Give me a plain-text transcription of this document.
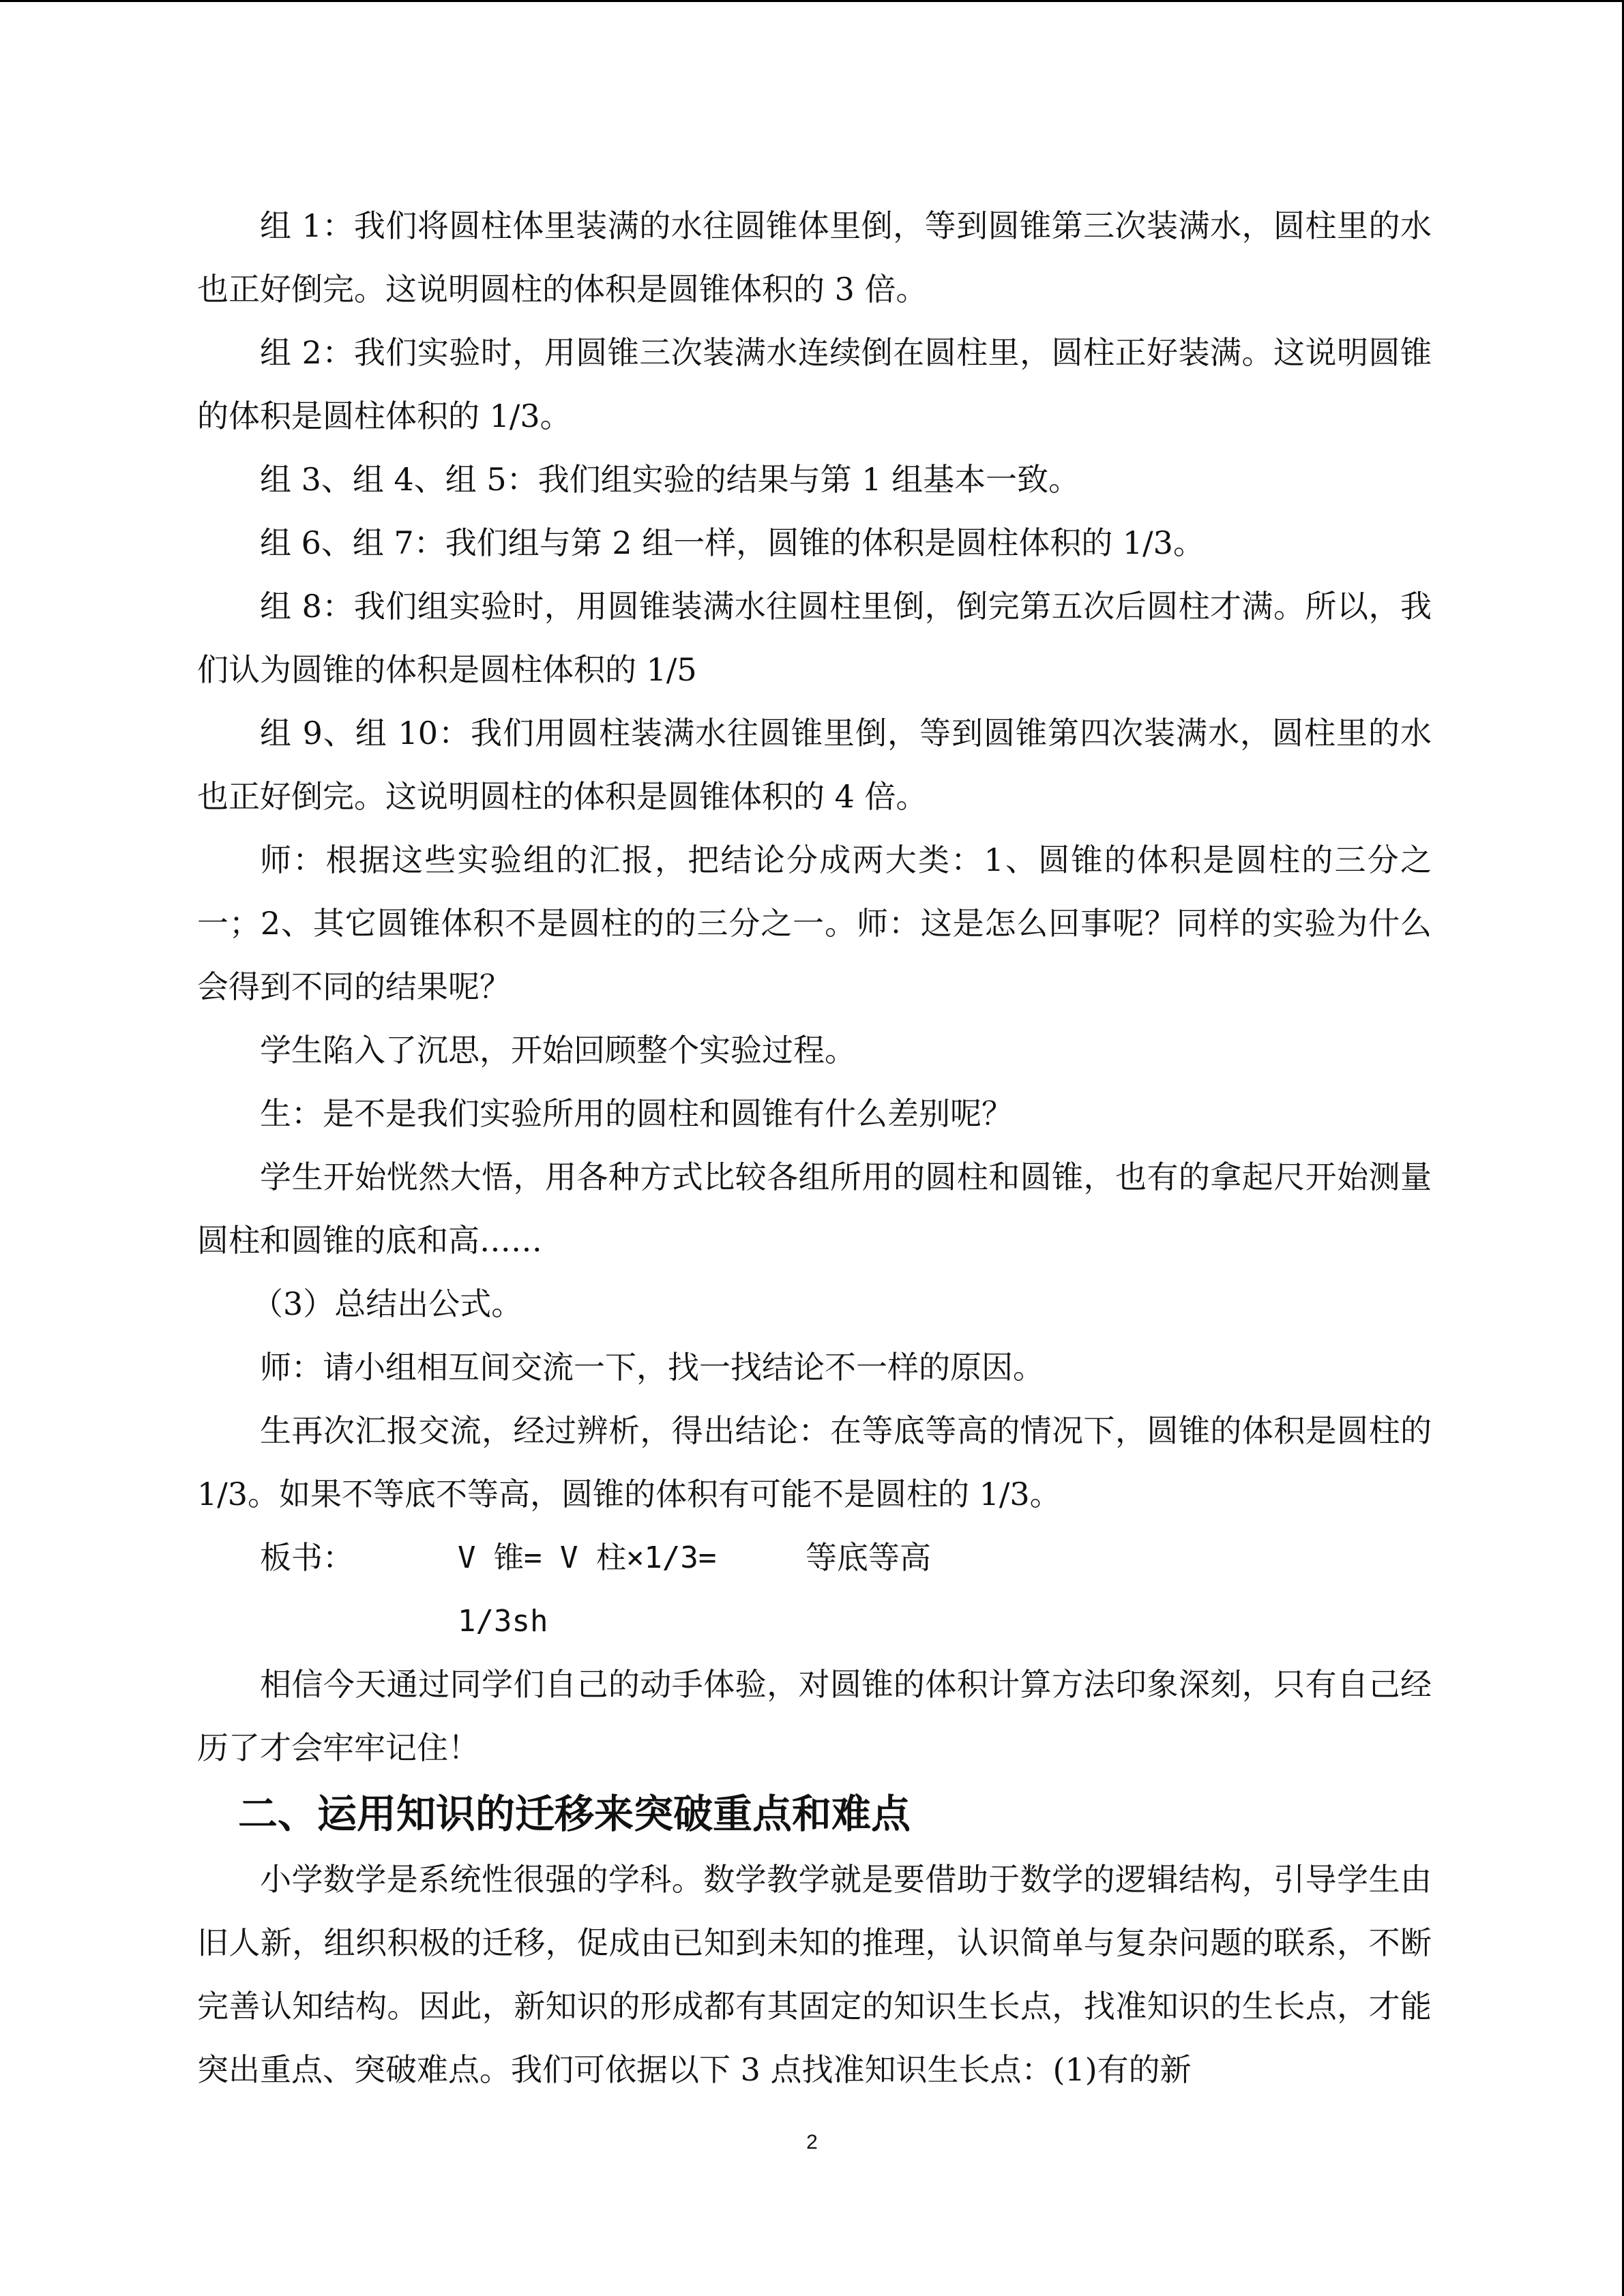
组 1：我们将圆柱体里装满的水往圆锥体里倒，等到圆锥第三次装满水，圆柱里的水也正好倒完。这说明圆柱的体积是圆锥体积的 3 倍。

组 2：我们实验时，用圆锥三次装满水连续倒在圆柱里，圆柱正好装满。这说明圆锥的体积是圆柱体积的 1/3。

组 3、组 4、组 5：我们组实验的结果与第 1 组基本一致。

组 6、组 7：我们组与第 2 组一样，圆锥的体积是圆柱体积的 1/3。

组 8：我们组实验时，用圆锥装满水往圆柱里倒，倒完第五次后圆柱才满。所以，我们认为圆锥的体积是圆柱体积的 1/5

组 9、组 10：我们用圆柱装满水往圆锥里倒，等到圆锥第四次装满水，圆柱里的水也正好倒完。这说明圆柱的体积是圆锥体积的 4 倍。

师：根据这些实验组的汇报，把结论分成两大类：1、圆锥的体积是圆柱的三分之一；2、其它圆锥体积不是圆柱的的三分之一。师：这是怎么回事呢？同样的实验为什么会得到不同的结果呢？

学生陷入了沉思，开始回顾整个实验过程。

生：是不是我们实验所用的圆柱和圆锥有什么差别呢？

学生开始恍然大悟，用各种方式比较各组所用的圆柱和圆锥，也有的拿起尺开始测量圆柱和圆锥的底和高……

（3）总结出公式。

师：请小组相互间交流一下，找一找结论不一样的原因。

生再次汇报交流，经过辨析，得出结论：在等底等高的情况下，圆锥的体积是圆柱的 1/3。如果不等底不等高，圆锥的体积有可能不是圆柱的 1/3。

板书：	V 锥= V 柱×1/3= 1/3sh
等底等高

相信今天通过同学们自己的动手体验，对圆锥的体积计算方法印象深刻，只有自己经历了才会牢牢记住！

二、运用知识的迁移来突破重点和难点

小学数学是系统性很强的学科。数学教学就是要借助于数学的逻辑结构，引导学生由旧人新，组织积极的迁移，促成由已知到未知的推理，认识简单与复杂问题的联系，不断完善认知结构。因此，新知识的形成都有其固定的知识生长点，找准知识的生长点，才能突出重点、突破难点。我们可依据以下 3 点找准知识生长点：(1)有的新

2
